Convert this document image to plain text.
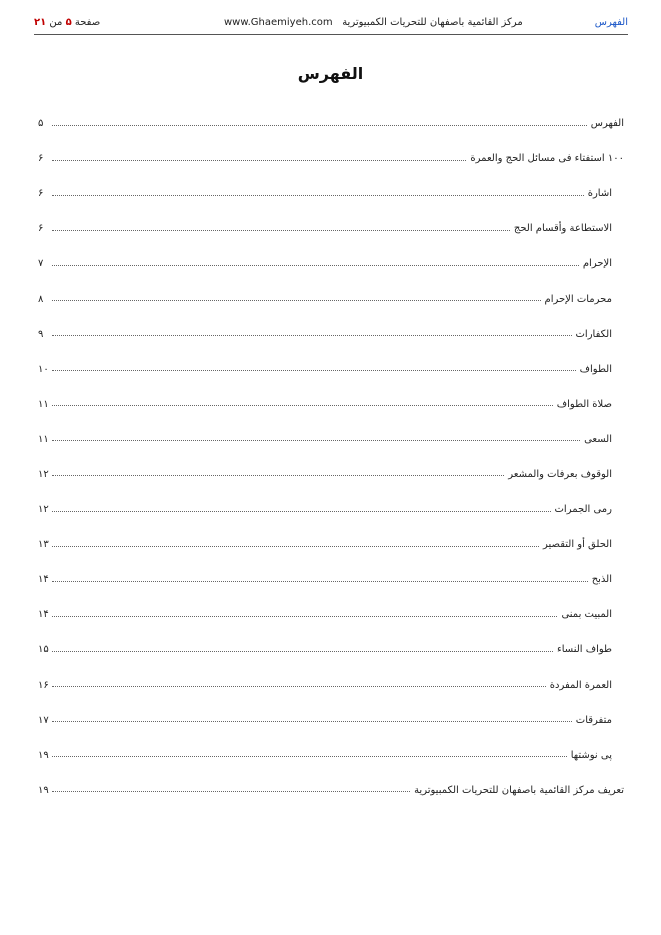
صفحة ۵ من ۲۱	www.Ghaemiyeh.com مرکز القائمیة باصفهان للتحریات الکمبیوتریة	الفهرس
الفهرس
الفهرس
۵
۱۰۰ استفتاء فی مسائل الحج والعمرة
۶
اشارة
۶
الاستطاعة وأقسام الحج
۶
الإحرام
۷
محرمات الإحرام
۸
الکفارات
۹
الطواف
۱۰
صلاة الطواف
۱۱
السعی
۱۱
الوقوف بعرفات والمشعر
۱۲
رمی الجمرات
۱۲
الحلق أو التقصیر
۱۳
الذبح
۱۴
المبیت بمنی
۱۴
طواف النساء
۱۵
العمرة المفردة
۱۶
متفرقات
۱۷
پی نوشتها
۱۹
تعریف مرکز القائمیة باصفهان للتحریات الکمبیوتریة
۱۹
